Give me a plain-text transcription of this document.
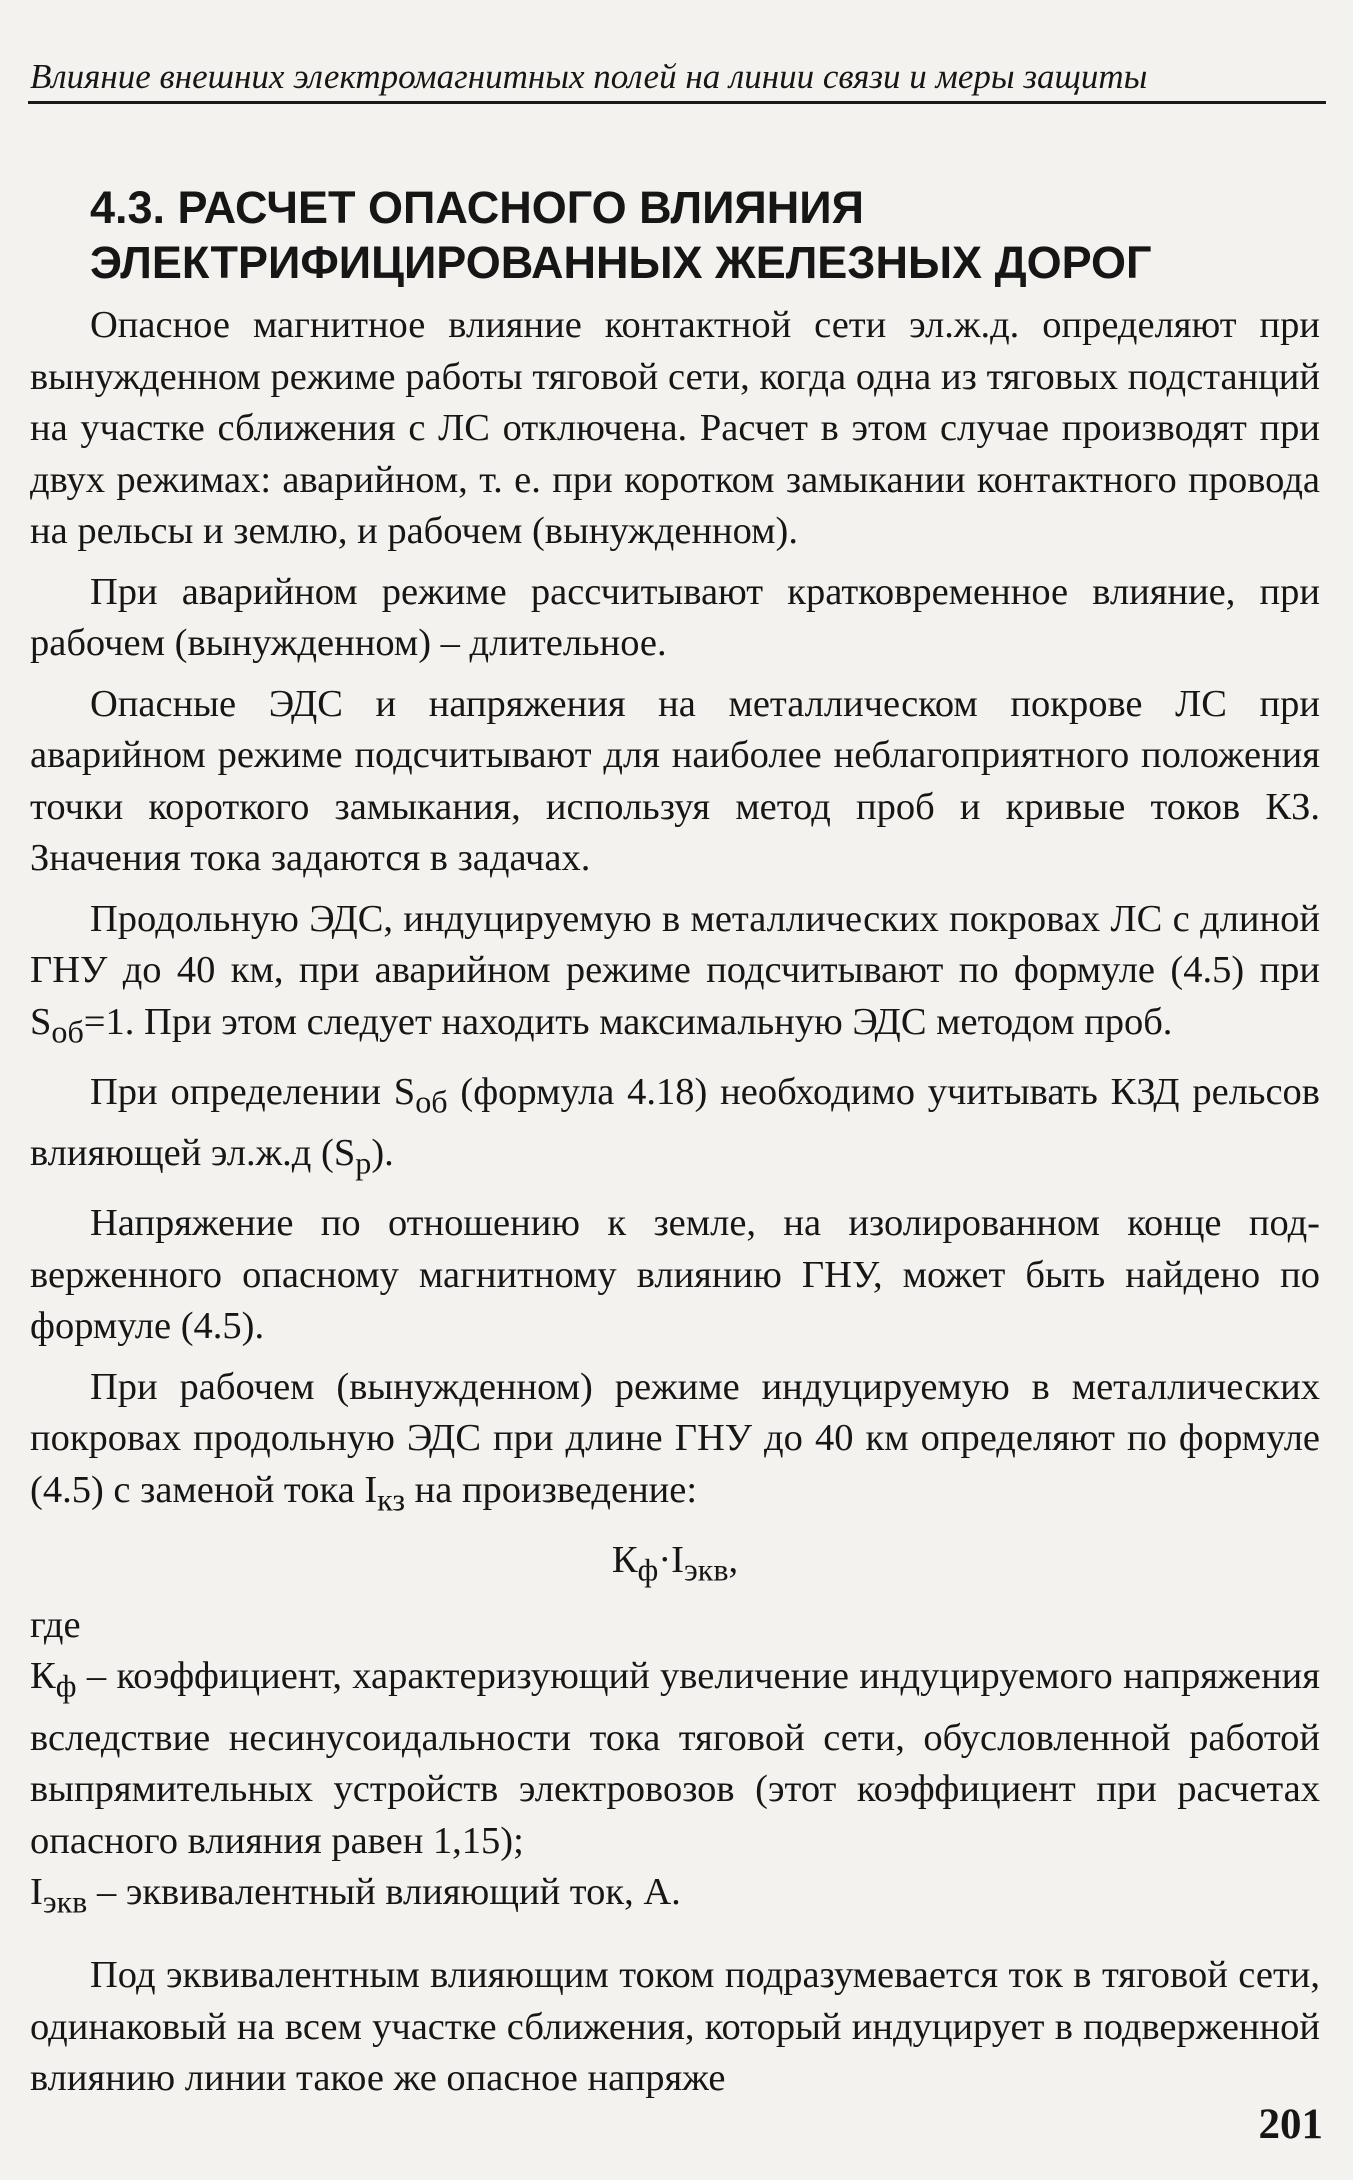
Влияние внешних электромагнитных полей на линии связи и меры защиты
4.3. РАСЧЕТ ОПАСНОГО ВЛИЯНИЯ
ЭЛЕКТРИФИЦИРОВАННЫХ ЖЕЛЕЗНЫХ ДОРОГ

Опасное магнитное влияние контактной сети эл.ж.д. определяют при вынужденном режиме работы тяговой сети, когда одна из тяговых подстанций на участке сближения с ЛС отключена. Расчет в этом случае производят при двух режимах: аварийном, т. е. при коротком замыкании контактного провода на рельсы и землю, и рабочем (вынужденном).

При аварийном режиме рассчитывают кратковременное влияние, при рабочем (вынужденном) – длительное.

Опасные ЭДС и напряжения на металлическом покрове ЛС при аварийном режиме подсчитывают для наиболее неблагоприятного положения точки короткого замыкания, используя метод проб и кривые токов КЗ. Значения тока задаются в задачах.

Продольную ЭДС, индуцируемую в металлических покровах ЛС с длиной ГНУ до 40 км, при аварийном режиме подсчитывают по формуле (4.5) при $S_{об}=1$. При этом следует находить максимальную ЭДС методом проб.

При определении $S_{об}$ (формула 4.18) необходимо учитывать КЗД рельсов влияющей эл.ж.д $(S_р)$.

Напряжение по отношению к земле, на изолированном конце подверженного опасному магнитному влиянию ГНУ, может быть найдено по формуле (4.5).

При рабочем (вынужденном) режиме индуцируемую в металлических покровах продольную ЭДС при длине ГНУ до 40 км определяют по формуле (4.5) с заменой тока $I_{кз}$ на произведение:

$К_ф\cdot I_{экв}$,

где

$К_ф$ – коэффициент, характеризующий увеличение индуцируемого напряжения вследствие несинусоидальности тока тяговой сети, обусловленной работой выпрямительных устройств электровозов (этот коэффициент при расчетах опасного влияния равен 1,15);

$I_{экв}$ – эквивалентный влияющий ток, А.

Под эквивалентным влияющим током подразумевается ток в тяговой сети, одинаковый на всем участке сближения, который индуцирует в подверженной влиянию линии такое же опасное напряже

201
